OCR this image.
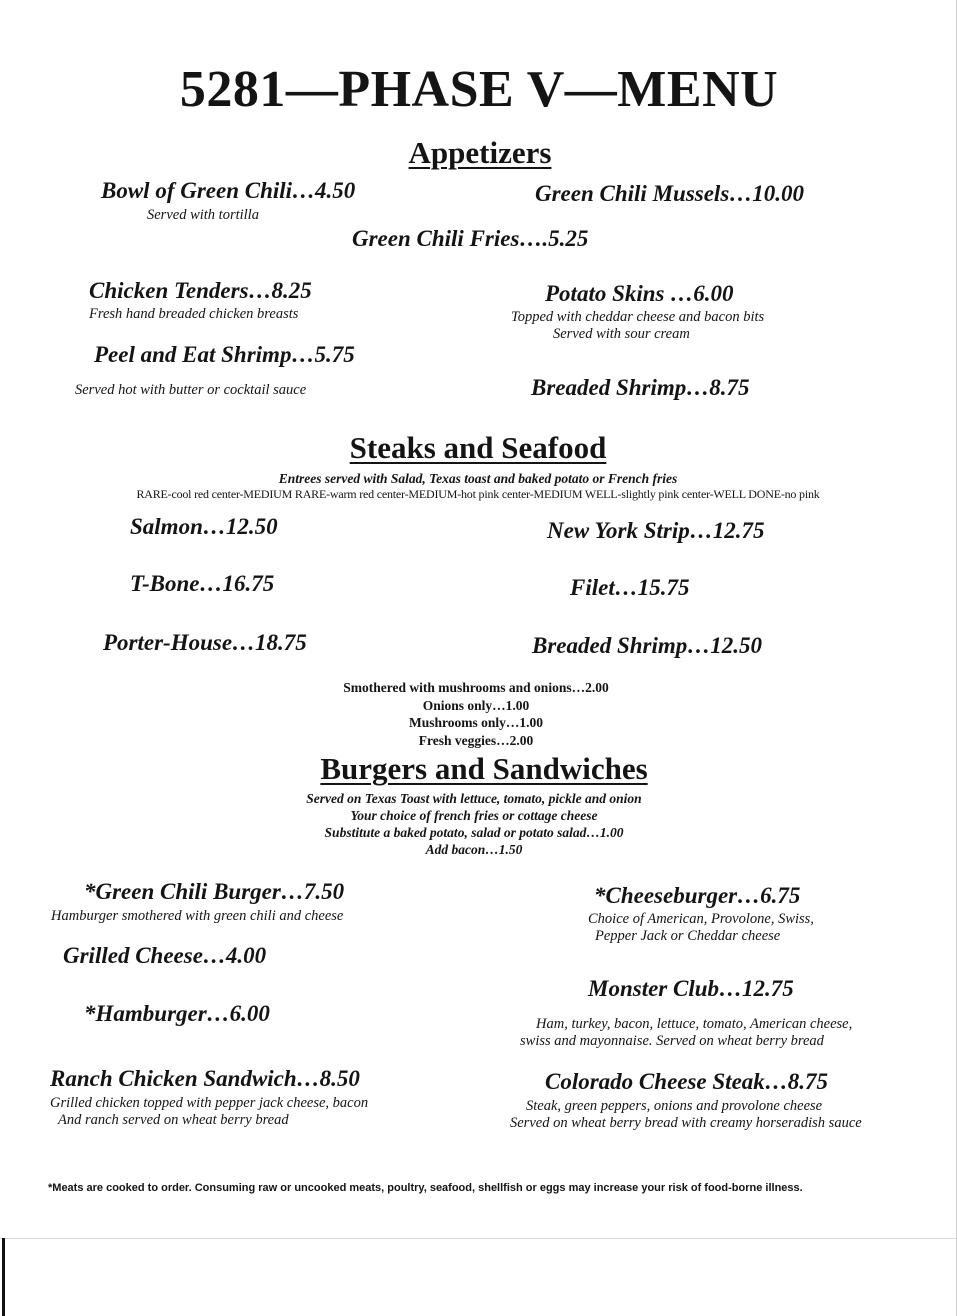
5281—PHASE V—MENU
Appetizers
Bowl of Green Chili…4.50
Served with tortilla
Green Chili Mussels…10.00
Green Chili Fries….5.25
Chicken Tenders…8.25
Fresh hand breaded chicken breasts
Potato Skins …6.00
Topped with cheddar cheese and bacon bits
Served with sour cream
Peel and Eat Shrimp…5.75
Served hot with butter or cocktail sauce	Breaded Shrimp…8.75
Steaks and Seafood
Entrees served with Salad, Texas toast and baked potato or French fries
RARE-cool red center-MEDIUM RARE-warm red center-MEDIUM-hot pink center-MEDIUM WELL-slightly pink center-WELL DONE-no pink
Salmon…12.50	New York Strip…12.75
T-Bone…16.75	Filet…15.75
Porter-House…18.75	Breaded Shrimp…12.50
Smothered with mushrooms and onions…2.00
Onions only…1.00
Mushrooms only…1.00
Fresh veggies…2.00
Burgers and Sandwiches
Served on Texas Toast with lettuce, tomato, pickle and onion
Your choice of french fries or cottage cheese
Substitute a baked potato, salad or potato salad…1.00
Add bacon…1.50
*Green Chili Burger…7.50
Hamburger smothered with green chili and cheese
*Cheeseburger…6.75
Choice of American, Provolone, Swiss,
Pepper Jack or Cheddar cheese
Grilled Cheese…4.00
Monster Club…12.75
Ham, turkey, bacon, lettuce, tomato, American cheese,
swiss and mayonnaise. Served on wheat berry bread
*Hamburger…6.00
Ranch Chicken Sandwich…8.50
Grilled chicken topped with pepper jack cheese, bacon
And ranch served on wheat berry bread
Colorado Cheese Steak…8.75
Steak, green peppers, onions and provolone cheese
Served on wheat berry bread with creamy horseradish sauce
*Meats are cooked to order. Consuming raw or uncooked meats, poultry, seafood, shellfish or eggs may increase your risk of food-borne illness.
